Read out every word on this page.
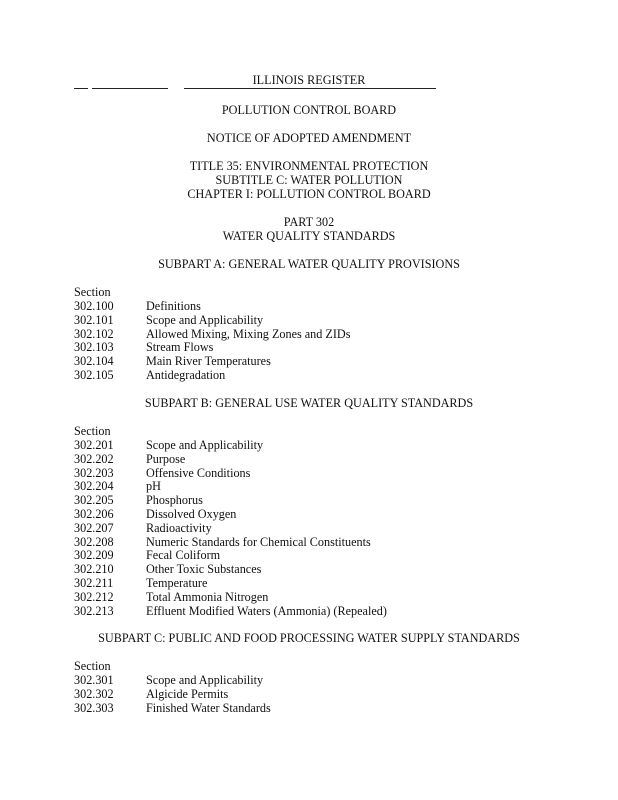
ILLINOIS REGISTER
POLLUTION CONTROL BOARD
NOTICE OF ADOPTED AMENDMENT
TITLE 35: ENVIRONMENTAL PROTECTION
SUBTITLE C: WATER POLLUTION
CHAPTER I: POLLUTION CONTROL BOARD
PART 302
WATER QUALITY STANDARDS
SUBPART A: GENERAL WATER QUALITY PROVISIONS
Section
302.100	Definitions
302.101	Scope and Applicability
302.102	Allowed Mixing, Mixing Zones and ZIDs
302.103	Stream Flows
302.104	Main River Temperatures
302.105	Antidegradation
SUBPART B: GENERAL USE WATER QUALITY STANDARDS
Section
302.201	Scope and Applicability
302.202	Purpose
302.203	Offensive Conditions
302.204	pH
302.205	Phosphorus
302.206	Dissolved Oxygen
302.207	Radioactivity
302.208	Numeric Standards for Chemical Constituents
302.209	Fecal Coliform
302.210	Other Toxic Substances
302.211	Temperature
302.212	Total Ammonia Nitrogen
302.213	Effluent Modified Waters (Ammonia) (Repealed)
SUBPART C: PUBLIC AND FOOD PROCESSING WATER SUPPLY STANDARDS
Section
302.301	Scope and Applicability
302.302	Algicide Permits
302.303	Finished Water Standards
